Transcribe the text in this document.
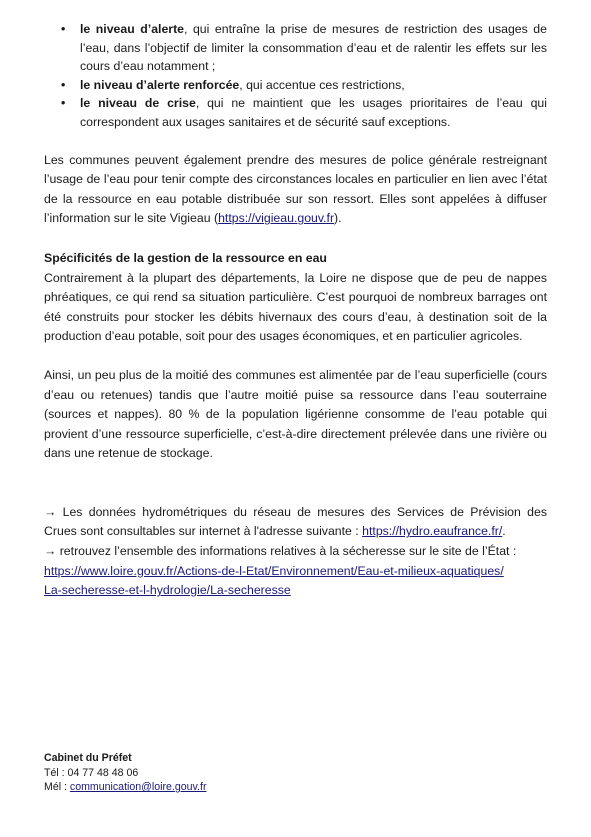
• le niveau d’alerte, qui entraîne la prise de mesures de restriction des usages de l’eau, dans l’objectif de limiter la consommation d’eau et de ralentir les effets sur les cours d’eau notamment ;
• le niveau d’alerte renforcée, qui accentue ces restrictions,
• le niveau de crise, qui ne maintient que les usages prioritaires de l’eau qui correspondent aux usages sanitaires et de sécurité sauf exceptions.

Les communes peuvent également prendre des mesures de police générale restreignant l’usage de l’eau pour tenir compte des circonstances locales en particulier en lien avec l’état de la ressource en eau potable distribuée sur son ressort. Elles sont appelées à diffuser l’information sur le site Vigieau (https://vigieau.gouv.fr).

Spécificités de la gestion de la ressource en eau

Contrairement à la plupart des départements, la Loire ne dispose que de peu de nappes phréatiques, ce qui rend sa situation particulière. C’est pourquoi de nombreux barrages ont été construits pour stocker les débits hivernaux des cours d’eau, à destination soit de la production d’eau potable, soit pour des usages économiques, et en particulier agricoles.

Ainsi, un peu plus de la moitié des communes est alimentée par de l’eau superficielle (cours d’eau ou retenues) tandis que l’autre moitié puise sa ressource dans l’eau souterraine (sources et nappes). 80 % de la population ligérienne consomme de l’eau potable qui provient d’une ressource superficielle, c’est-à-dire directement prélevée dans une rivière ou dans une retenue de stockage.

→ Les données hydrométriques du réseau de mesures des Services de Prévision des Crues sont consultables sur internet à l'adresse suivante : https://hydro.eaufrance.fr/.

→ retrouvez l’ensemble des informations relatives à la sécheresse sur le site de l’État :

https://www.loire.gouv.fr/Actions-de-l-Etat/Environnement/Eau-et-milieux-aquatiques/

La-secheresse-et-l-hydrologie/La-secheresse

Cabinet du Préfet
Tél : 04 77 48 48 06
Mél : communication@loire.gouv.fr
